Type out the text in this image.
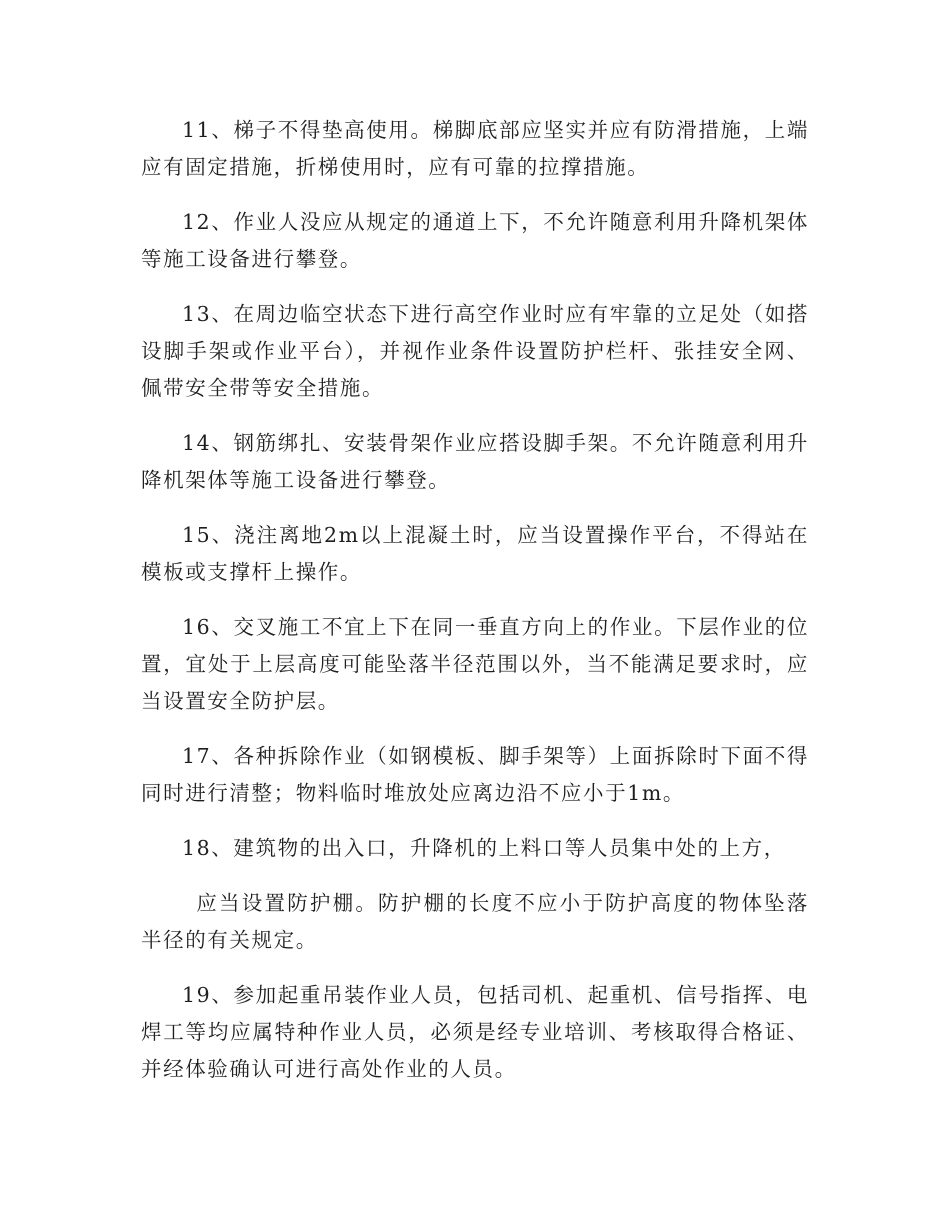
11、梯子不得垫高使用。梯脚底部应坚实并应有防滑措施，上端应有固定措施，折梯使用时，应有可靠的拉撑措施。

12、作业人没应从规定的通道上下，不允许随意利用升降机架体等施工设备进行攀登。

13、在周边临空状态下进行高空作业时应有牢靠的立足处（如搭设脚手架或作业平台），并视作业条件设置防护栏杆、张挂安全网、佩带安全带等安全措施。

14、钢筋绑扎、安装骨架作业应搭设脚手架。不允许随意利用升降机架体等施工设备进行攀登。

15、浇注离地2m以上混凝土时，应当设置操作平台，不得站在模板或支撑杆上操作。

16、交叉施工不宜上下在同一垂直方向上的作业。下层作业的位置，宜处于上层高度可能坠落半径范围以外，当不能满足要求时，应当设置安全防护层。

17、各种拆除作业（如钢模板、脚手架等）上面拆除时下面不得同时进行清整；物料临时堆放处应离边沿不应小于1m。

18、建筑物的出入口，升降机的上料口等人员集中处的上方，

应当设置防护棚。防护棚的长度不应小于防护高度的物体坠落半径的有关规定。

19、参加起重吊装作业人员，包括司机、起重机、信号指挥、电焊工等均应属特种作业人员，必须是经专业培训、考核取得合格证、并经体验确认可进行高处作业的人员。
